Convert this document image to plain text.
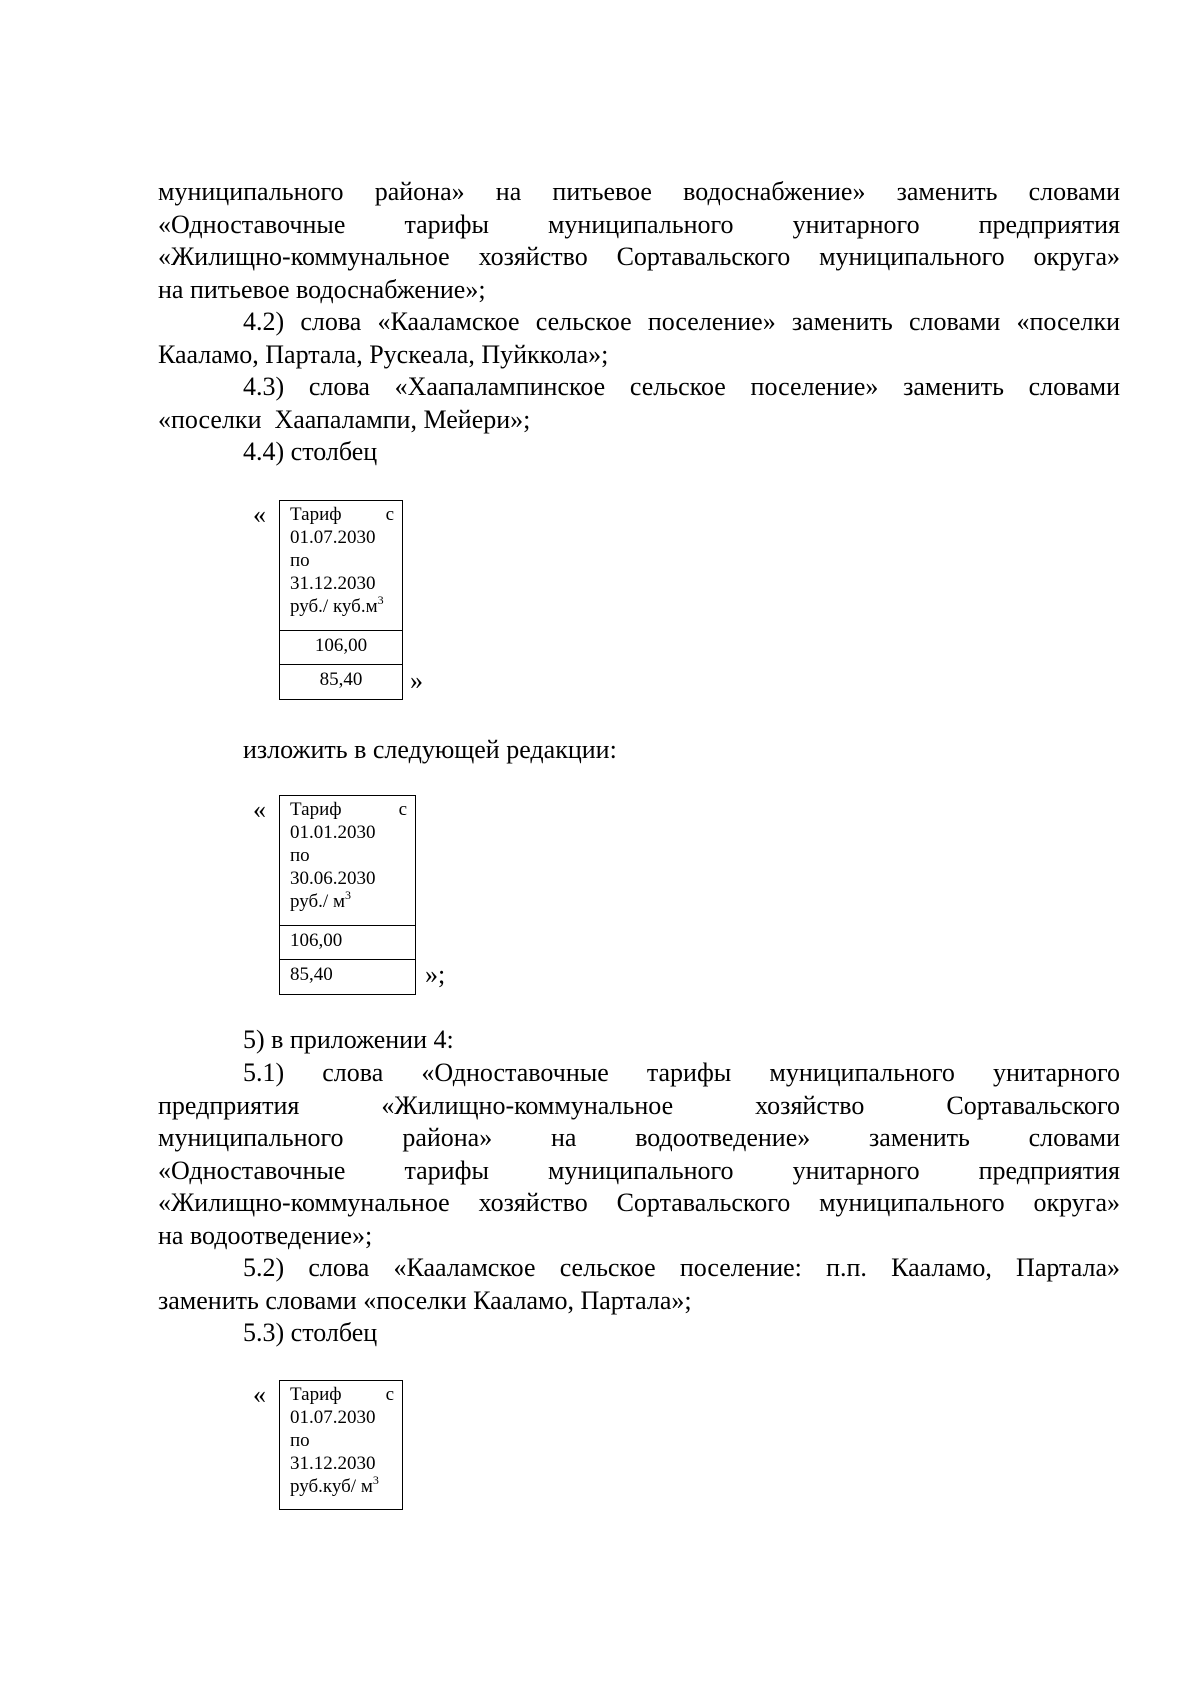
муниципального района» на питьевое водоснабжение» заменить словами
«Одноставочные тарифы муниципального унитарного предприятия
«Жилищно-коммунальное хозяйство Сортавальского муниципального округа»
на питьевое водоснабжение»;
4.2) слова «Кааламское сельское поселение» заменить словами «поселки
Кааламо, Партала, Рускеала, Пуйккола»;
4.3) слова «Хаапалампинское сельское поселение» заменить словами
«поселки  Хаапалампи, Мейери»;
4.4) столбец
« Тариф с
01.07.2030
по
31.12.2030
руб./ $куб.м^3$
106,00
85,40	»
изложить в следующей редакции:
« Тариф	с
01.01.2030
по
30.06.2030
руб./ $м^3$
106,00
85,40	»;
5) в приложении 4:
5.1) слова «Одноставочные тарифы муниципального унитарного
предприятия «Жилищно-коммунальное хозяйство Сортавальского
муниципального района» на водоотведение» заменить словами
«Одноставочные тарифы муниципального унитарного предприятия
«Жилищно-коммунальное хозяйство Сортавальского муниципального округа»
на водоотведение»;
5.2) слова «Кааламское сельское поселение: п.п. Кааламо, Партала»
заменить словами «поселки Кааламо, Партала»;
5.3) столбец
« Тариф с
01.07.2030
по
31.12.2030
руб.куб/ $м^3$
